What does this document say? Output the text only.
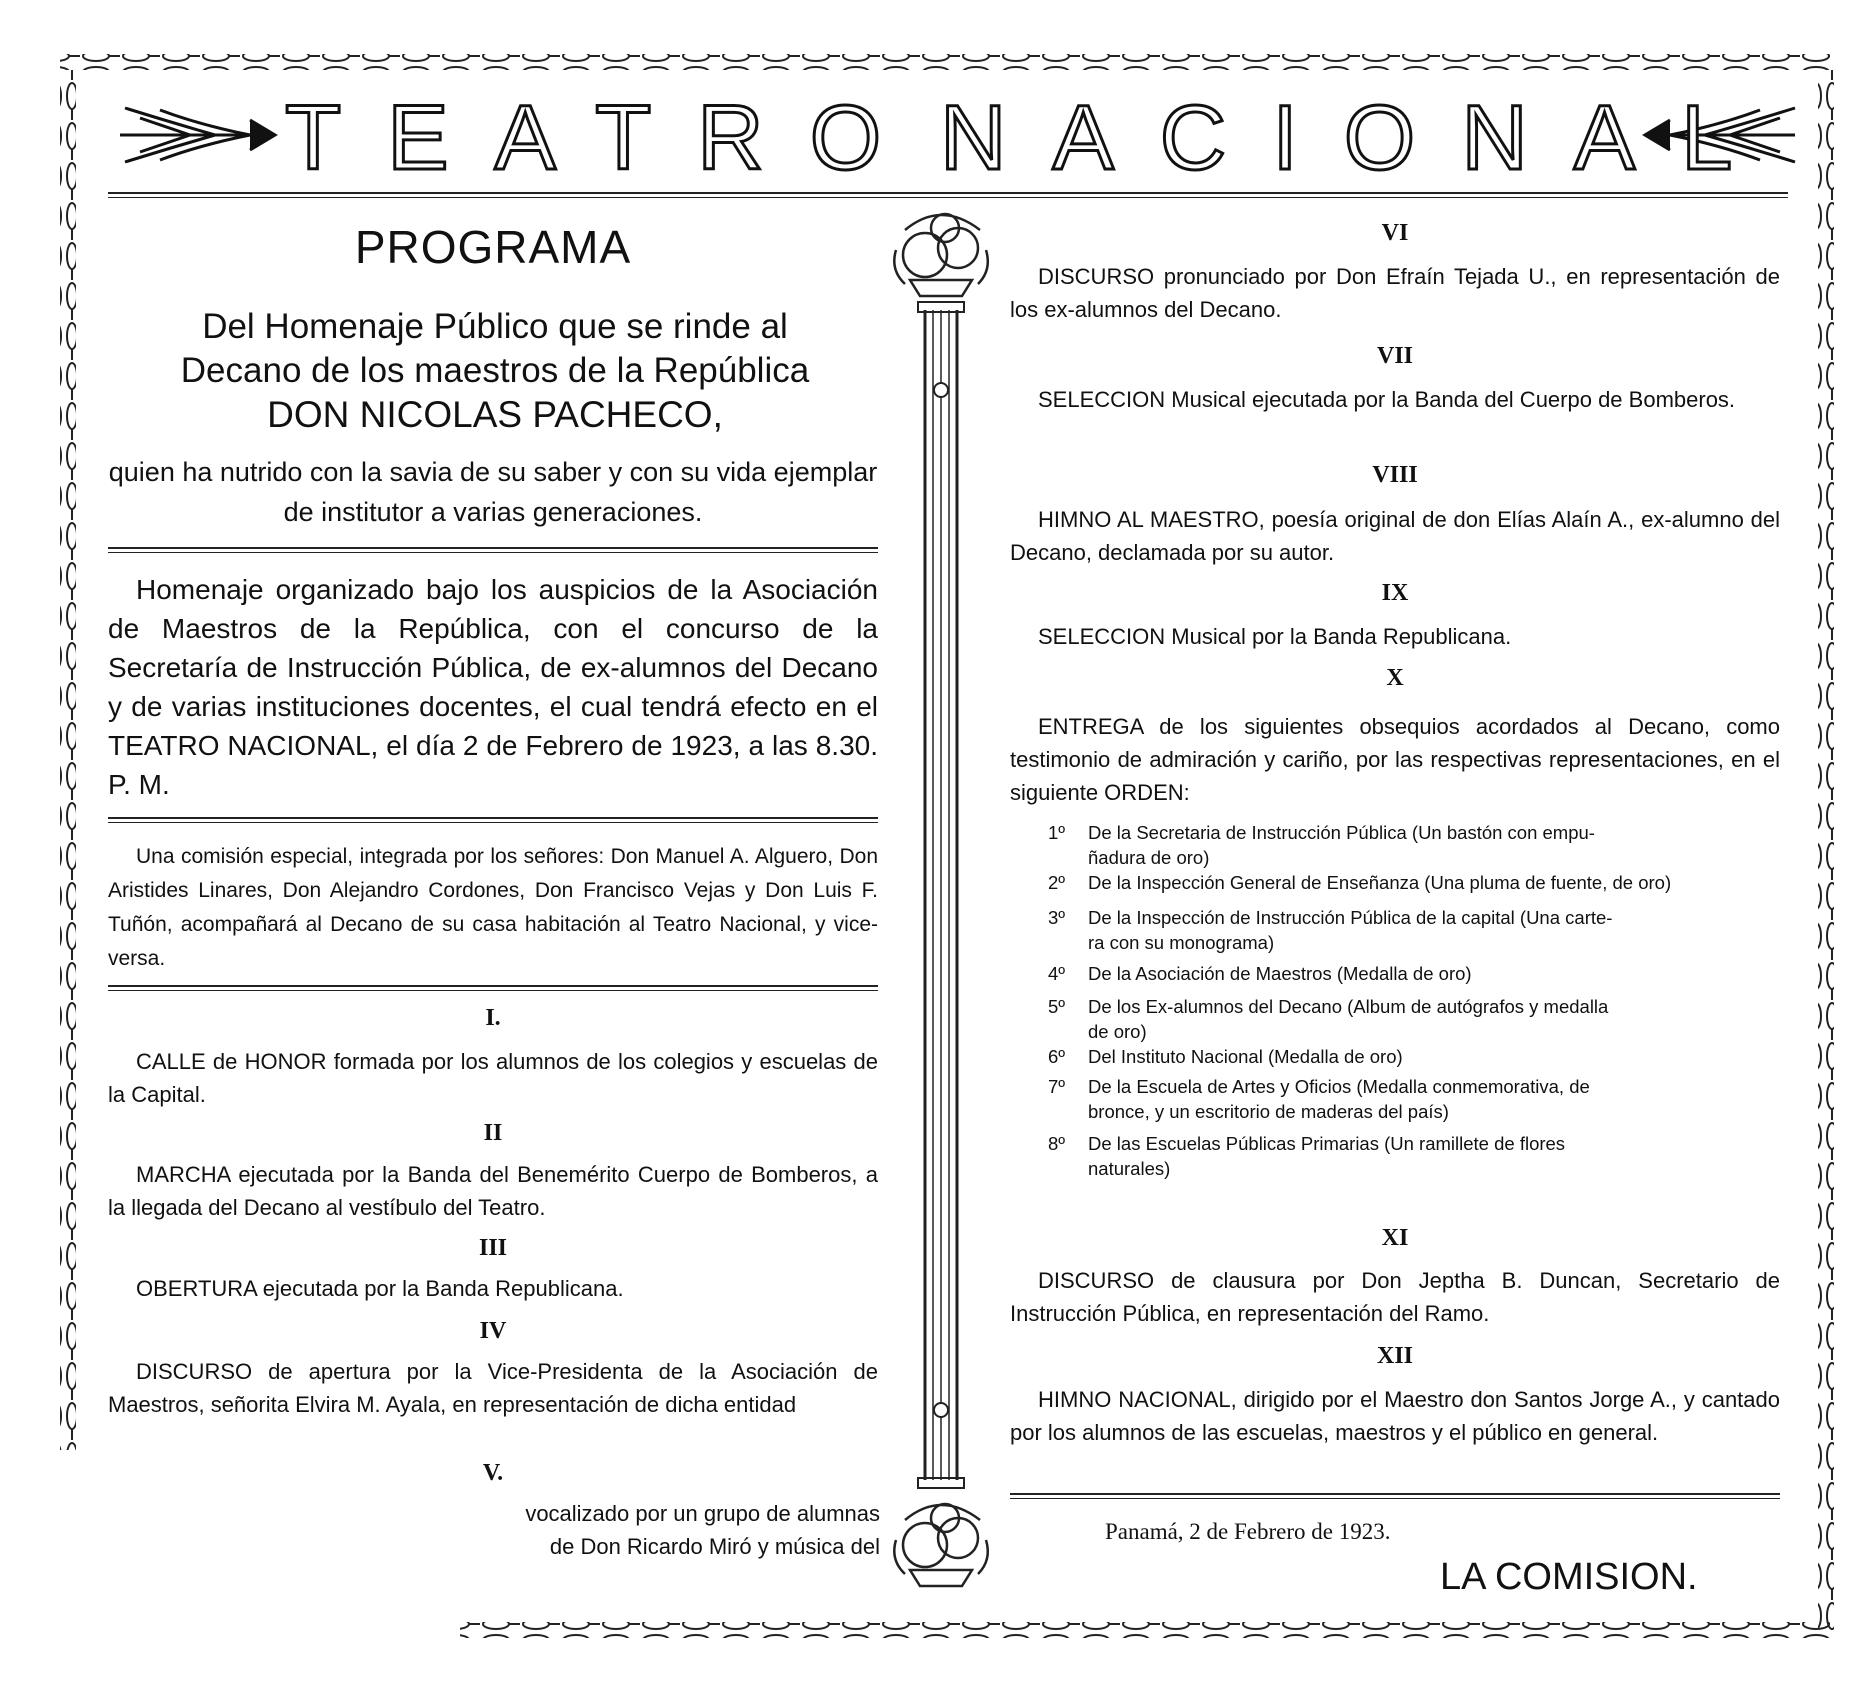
TEATRO NACIONAL
PROGRAMA
Del Homenaje Público que se rinde al
Decano de los maestros de la República
DON NICOLAS PACHECO,
quien ha nutrido con la savia de su saber y con su vida ejemplar de institutor a varias generaciones.
Homenaje organizado bajo los auspicios de la Asociación de Maestros de la República, con el concurso de la Secretaría de Instrucción Pública, de ex-alumnos del Decano y de varias instituciones docentes, el cual tendrá efecto en el TEATRO NACIONAL, el día 2 de Febrero de 1923, a las 8.30. P. M.
Una comisión especial, integrada por los señores: Don Manuel A. Alguero, Don Aristides Linares, Don Alejandro Cordones, Don Francisco Vejas y Don Luis F. Tuñón, acompañará al Decano de su casa habitación al Teatro Nacional, y vice-versa.
I.
CALLE de HONOR formada por los alumnos de los colegios y escuelas de la Capital.
II
MARCHA ejecutada por la Banda del Benemérito Cuerpo de Bomberos, a la llegada del Decano al vestíbulo del Teatro.
III
OBERTURA ejecutada por la Banda Republicana.
IV
DISCURSO de apertura por la Vice-Presidenta de la Asociación de Maestros, señorita Elvira M. Ayala, en representación de dicha entidad
V.
vocalizado por un grupo de alumnas
de Don Ricardo Miró y música del
VI
DISCURSO pronunciado por Don Efraín Tejada U., en representación de los ex-alumnos del Decano.
VII
SELECCION Musical ejecutada por la Banda del Cuerpo de Bomberos.
VIII
HIMNO AL MAESTRO, poesía original de don Elías Alaín A., ex-alumno del Decano, declamada por su autor.
IX
SELECCION Musical por la Banda Republicana.
X
ENTREGA de los siguientes obsequios acordados al Decano, como testimonio de admiración y cariño, por las respectivas representaciones, en el siguiente ORDEN:
1º	De la Secretaria de Instrucción Pública (Un bastón con empu-
ñadura de oro)
2º	De la Inspección General de Enseñanza (Una pluma de fuente, de oro)
3º	De la Inspección de Instrucción Pública de la capital (Una carte-
ra con su monograma)
4º	De la Asociación de Maestros (Medalla de oro)
5º	De los Ex-alumnos del Decano (Album de autógrafos y medalla
de oro)
6º	Del Instituto Nacional (Medalla de oro)
7º	De la Escuela de Artes y Oficios (Medalla conmemorativa, de
bronce, y un escritorio de maderas del país)
8º	De las Escuelas Públicas Primarias (Un ramillete de flores
naturales)
XI
DISCURSO de clausura por Don Jeptha B. Duncan, Secretario de Instrucción Pública, en representación del Ramo.
XII
HIMNO NACIONAL, dirigido por el Maestro don Santos Jorge A., y cantado por los alumnos de las escuelas, maestros y el público en general.
Panamá, 2 de Febrero de 1923.
LA COMISION.
